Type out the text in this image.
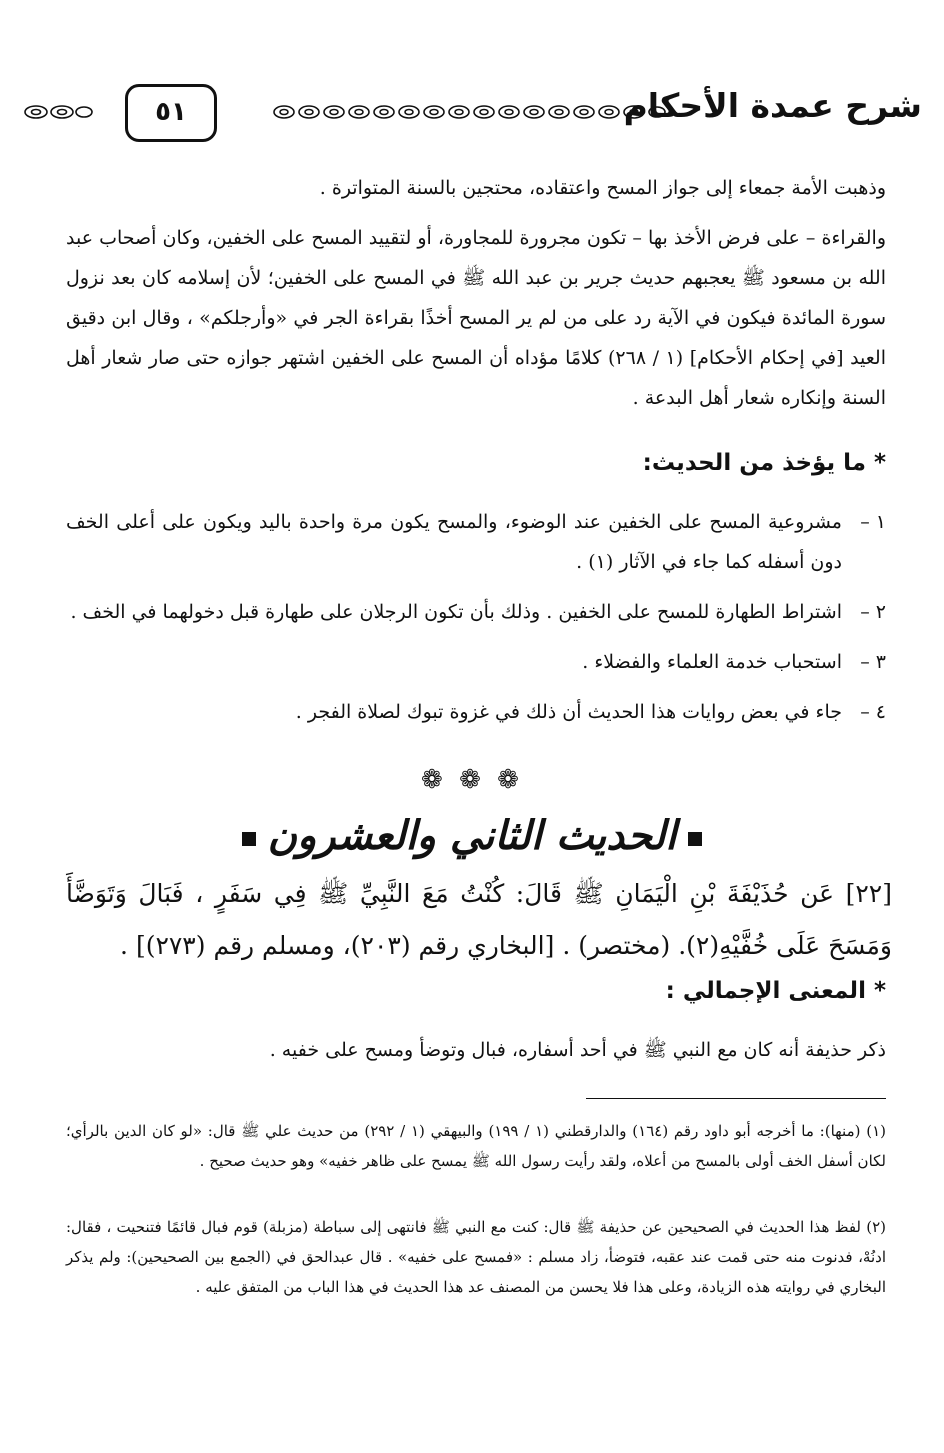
شرح عمدة الأحكام
٥١
وذهبت الأمة جمعاء إلى جواز المسح واعتقاده، محتجين بالسنة المتواترة .
والقراءة – على فرض الأخذ بها – تكون مجرورة للمجاورة، أو لتقييد المسح على الخفين، وكان أصحاب عبد الله بن مسعود ﷺ يعجبهم حديث جرير بن عبد الله ﷺ في المسح على الخفين؛ لأن إسلامه كان بعد نزول سورة المائدة فيكون في الآية رد على من لم ير المسح أخذًا بقراءة الجر في «وأرجلكم» ، وقال ابن دقيق العيد [في إحكام الأحكام] (١ / ٢٦٨) كلامًا مؤداه أن المسح على الخفين اشتهر جوازه حتى صار شعار أهل السنة وإنكاره شعار أهل البدعة .
* ما يؤخذ من الحديث:
١ –
مشروعية المسح على الخفين عند الوضوء، والمسح يكون مرة واحدة باليد ويكون على أعلى الخف دون أسفله كما جاء في الآثار (١) .
٢ –
اشتراط الطهارة للمسح على الخفين . وذلك بأن تكون الرجلان على طهارة قبل دخولهما في الخف .
٣ –
استحباب خدمة العلماء والفضلاء .
٤ –
جاء في بعض روايات هذا الحديث أن ذلك في غزوة تبوك لصلاة الفجر .
❁ ❁ ❁
الحديث الثاني والعشرون
[٢٢] عَن حُذَيْفَةَ بْنِ الْيَمَانِ ﷺ قَالَ: كُنْتُ مَعَ النَّبِيِّ ﷺ فِي سَفَرٍ ، فَبَالَ وَتَوَضَّأَ وَمَسَحَ عَلَى خُفَّيْهِ(٢). (مختصر) . [البخاري رقم (٢٠٣)، ومسلم رقم (٢٧٣)] .
* المعنى الإجمالي :
ذكر حذيفة أنه كان مع النبي ﷺ في أحد أسفاره، فبال وتوضأ ومسح على خفيه .
(١) (منها): ما أخرجه أبو داود رقم (١٦٤) والدارقطني (١ / ١٩٩) والبيهقي (١ / ٢٩٢) من حديث علي ﷺ قال: «لو كان الدين بالرأي؛ لكان أسفل الخف أولى بالمسح من أعلاه، ولقد رأيت رسول الله ﷺ يمسح على ظاهر خفيه» وهو حديث صحيح .
(٢) لفظ هذا الحديث في الصحيحين عن حذيفة ﷺ قال: كنت مع النبي ﷺ فانتهى إلى سباطة (مزبلة) قوم فبال قائمًا فتنحيت ، فقال: ادنُهْ، فدنوت منه حتى قمت عند عقبه، فتوضأ، زاد مسلم : «فمسح على خفيه» . قال عبدالحق في (الجمع بين الصحيحين): ولم يذكر البخاري في روايته هذه الزيادة، وعلى هذا فلا يحسن من المصنف عد هذا الحديث في هذا الباب من المتفق عليه .
